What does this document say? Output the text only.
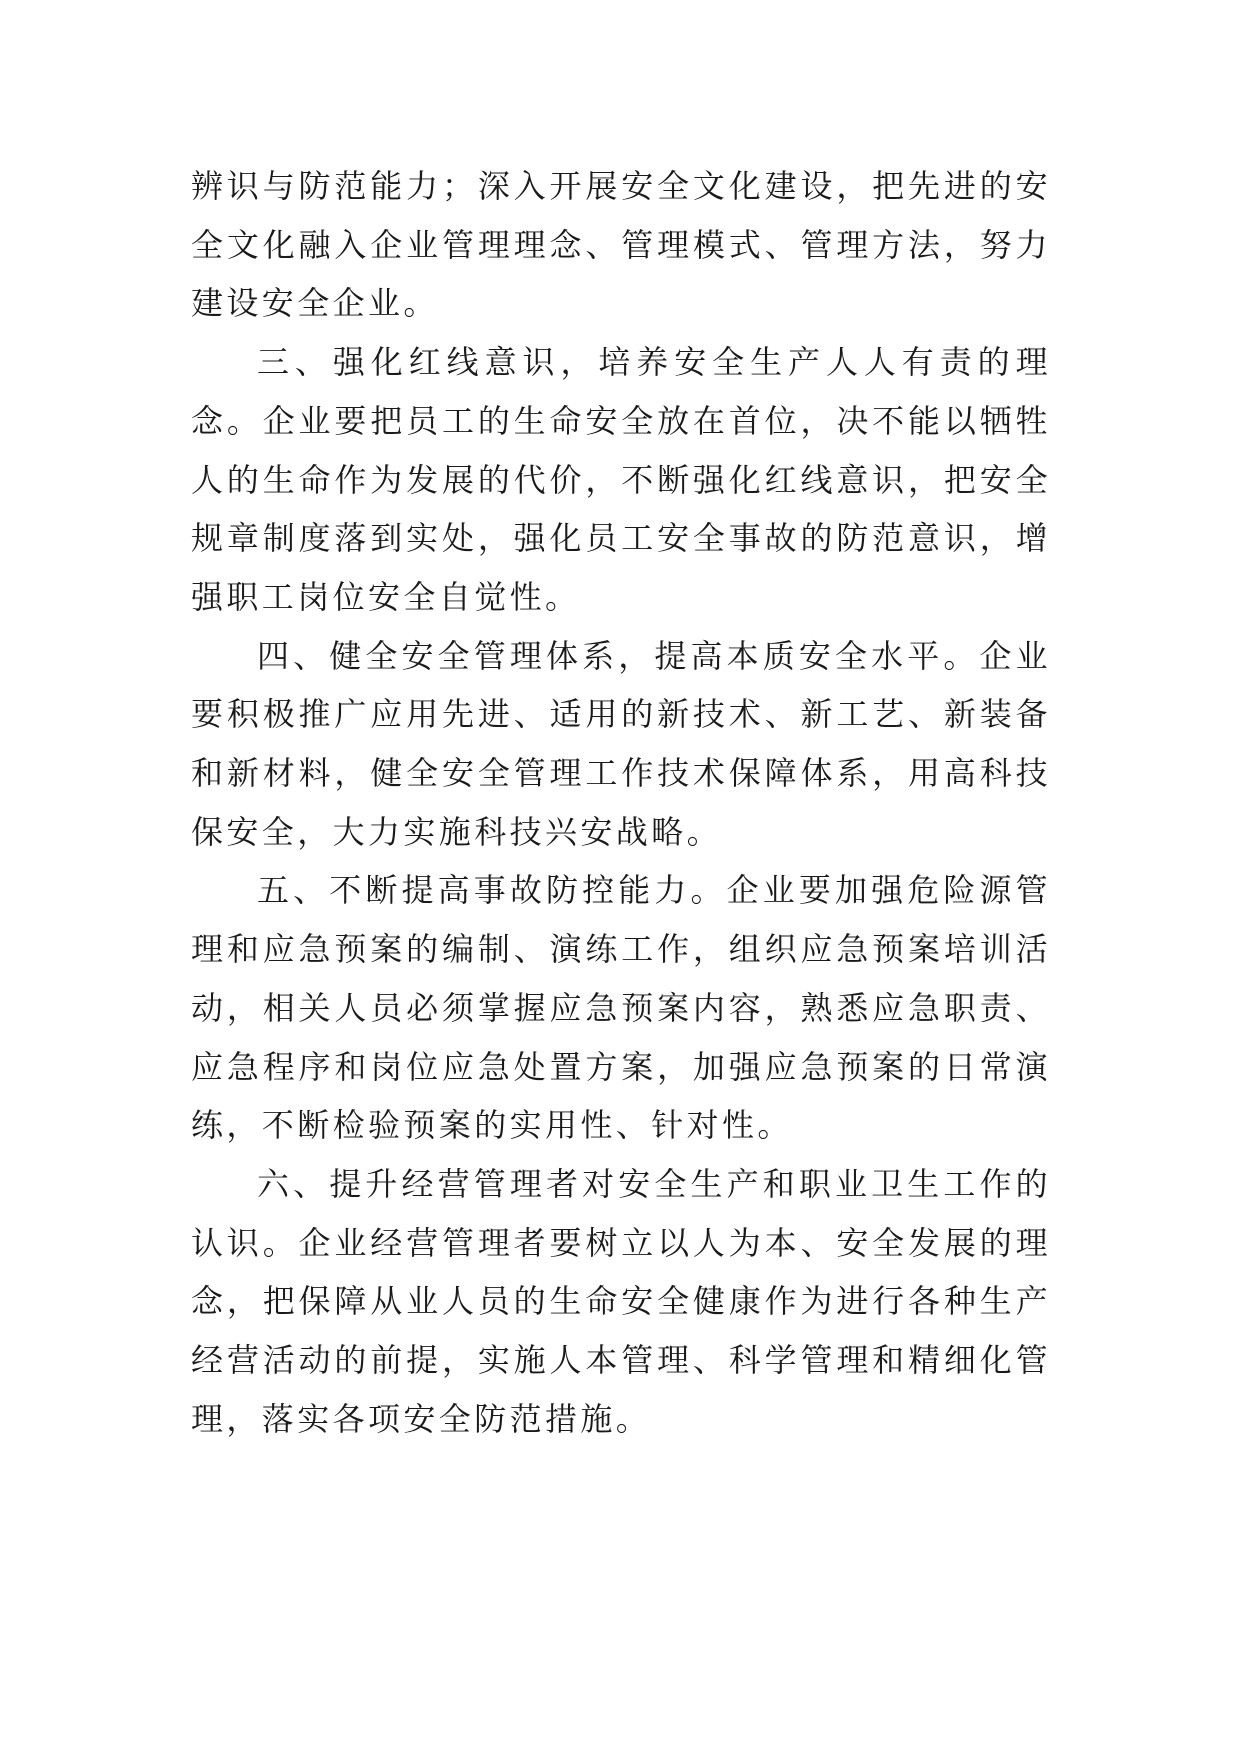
辨识与防范能力；深入开展安全文化建设，把先进的安全文化融入企业管理理念、管理模式、管理方法，努力建设安全企业。

三、强化红线意识，培养安全生产人人有责的理念。企业要把员工的生命安全放在首位，决不能以牺牲人的生命作为发展的代价，不断强化红线意识，把安全规章制度落到实处，强化员工安全事故的防范意识，增强职工岗位安全自觉性。

四、健全安全管理体系，提高本质安全水平。企业要积极推广应用先进、适用的新技术、新工艺、新装备和新材料，健全安全管理工作技术保障体系，用高科技保安全，大力实施科技兴安战略。

五、不断提高事故防控能力。企业要加强危险源管理和应急预案的编制、演练工作，组织应急预案培训活动，相关人员必须掌握应急预案内容，熟悉应急职责、应急程序和岗位应急处置方案，加强应急预案的日常演练，不断检验预案的实用性、针对性。

六、提升经营管理者对安全生产和职业卫生工作的认识。企业经营管理者要树立以人为本、安全发展的理念，把保障从业人员的生命安全健康作为进行各种生产经营活动的前提，实施人本管理、科学管理和精细化管理，落实各项安全防范措施。
